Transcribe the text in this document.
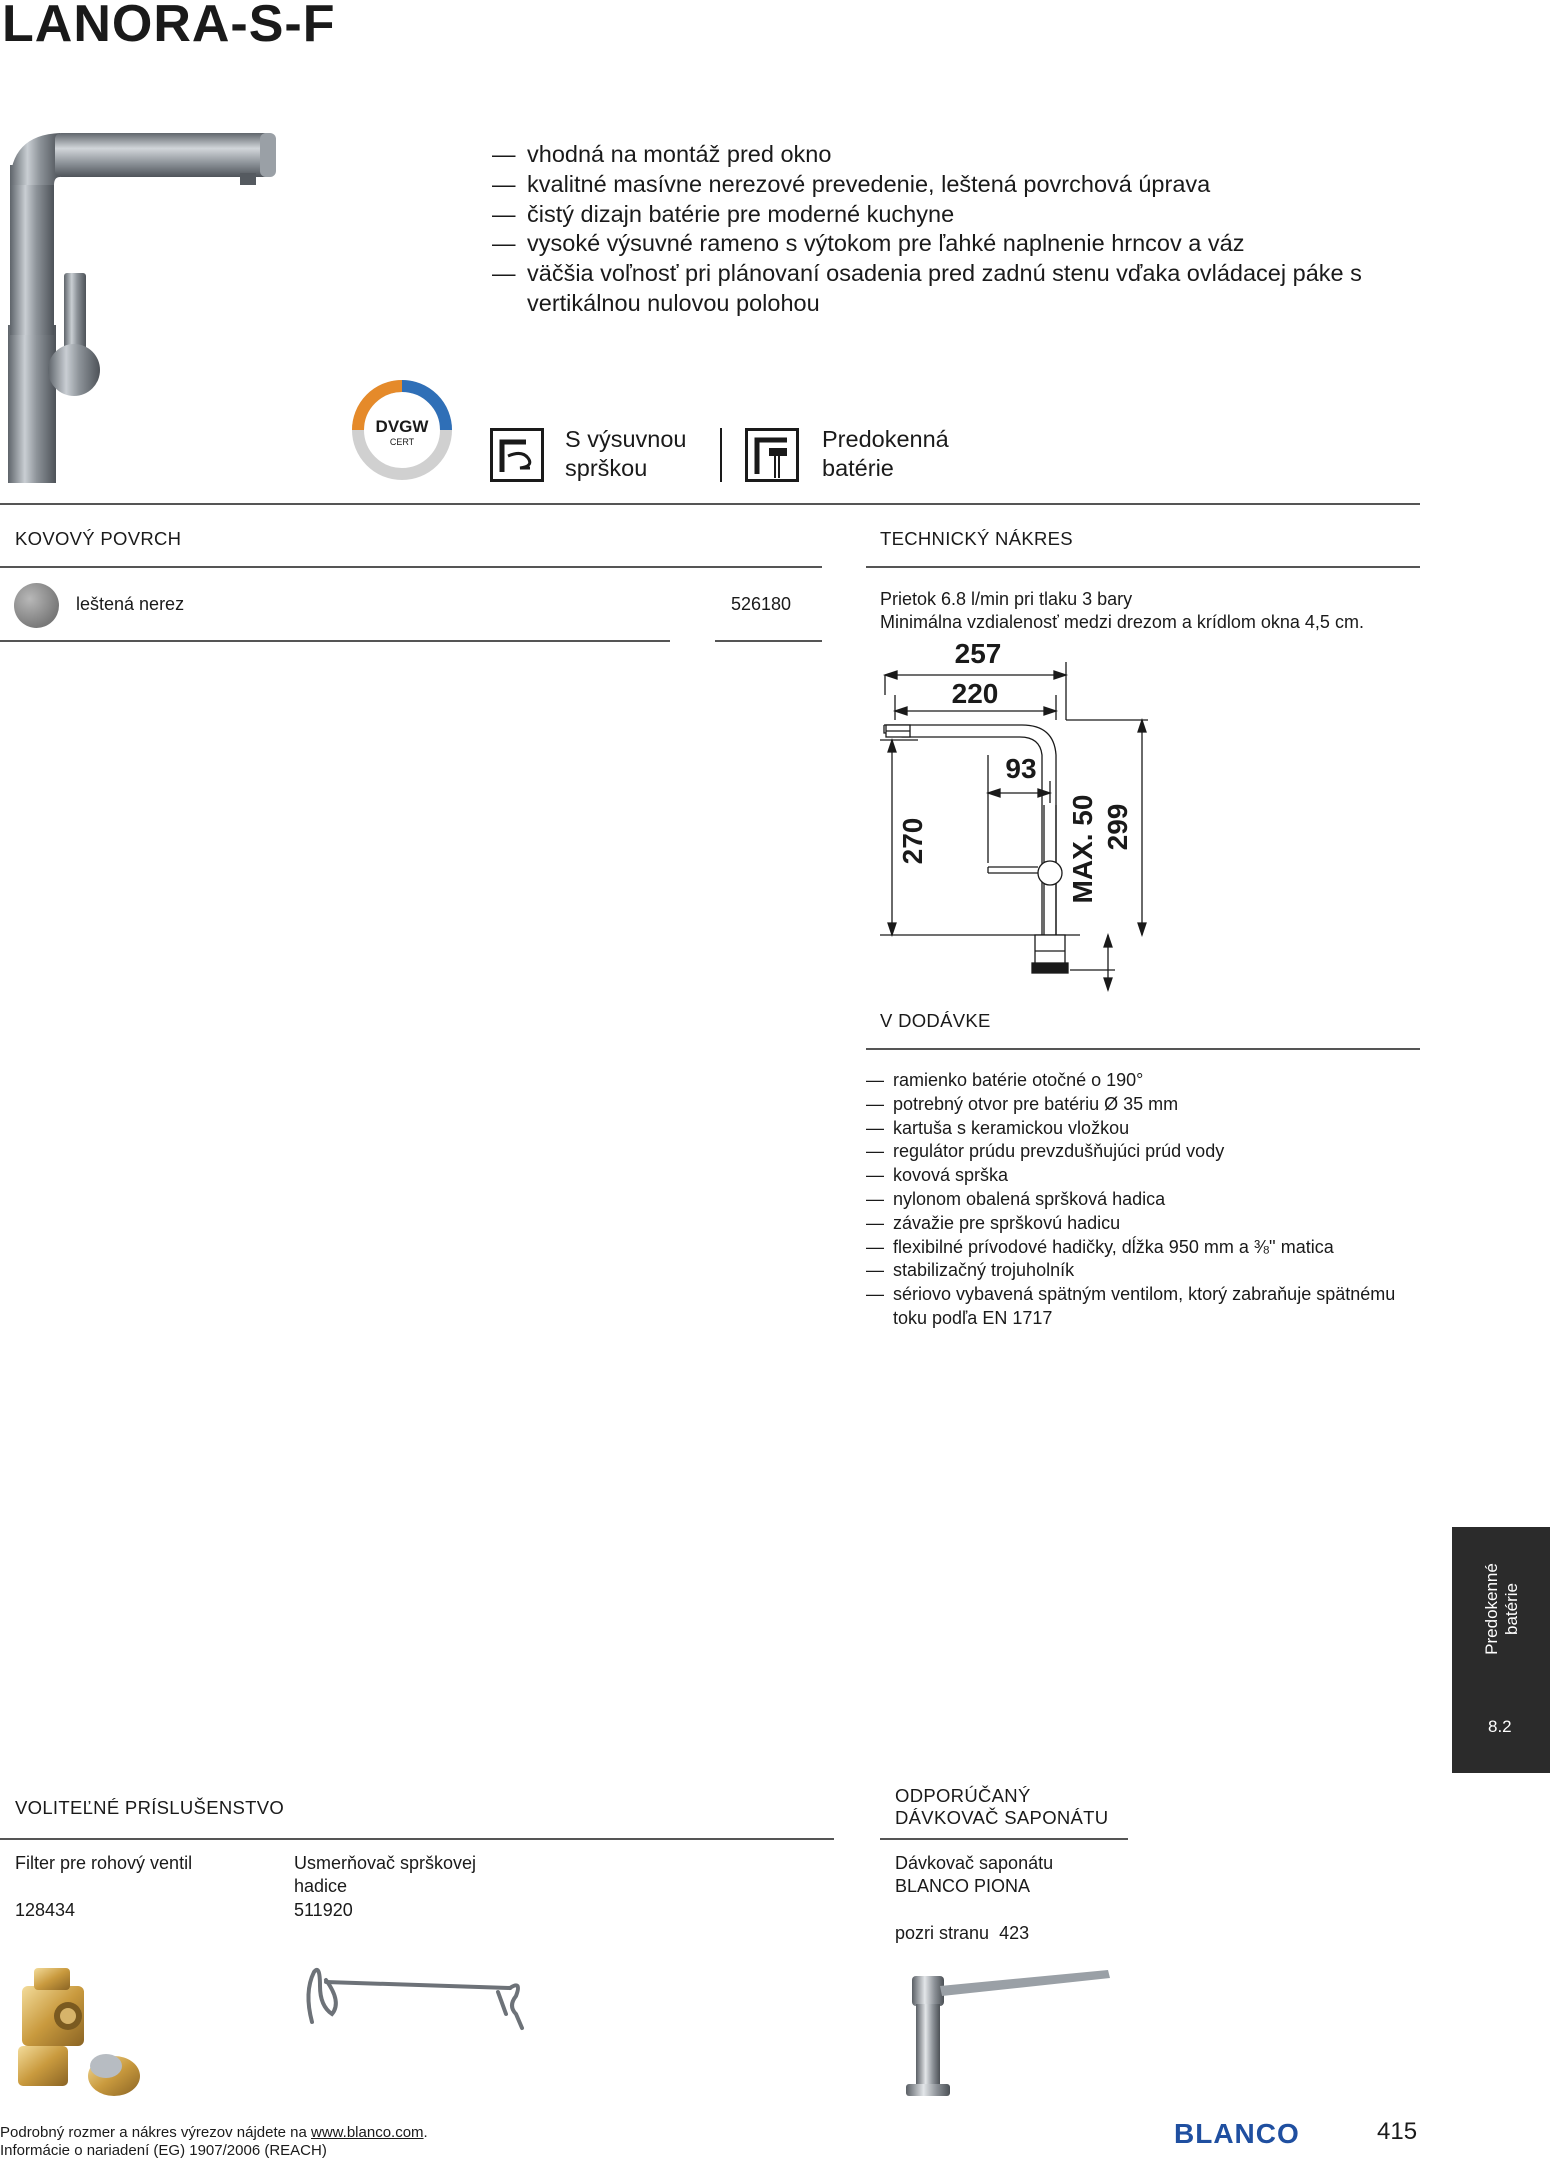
LANORA-S-F
— vhodná na montáž pred okno
— kvalitné masívne nerezové prevedenie, leštená povrchová úprava
— čistý dizajn batérie pre moderné kuchyne
— vysoké výsuvné rameno s výtokom pre ľahké naplnenie hrncov a váz
— väčšia voľnosť pri plánovaní osadenia pred zadnú stenu vďaka ovládacej páke s vertikálnou nulovou polohou
DVGW
CERT	S výsuvnou
sprškou
Predokenná
batérie
KOVOVÝ POVRCH
leštená nerez	526180
TECHNICKÝ NÁKRES
Prietok 6.8 l/min pri tlaku 3 bary
Minimálna vzdialenosť medzi drezom a krídlom okna 4,5 cm.
257
220
93
270	MAX. 50 299
V DODÁVKE
— ramienko batérie otočné o 190°
— potrebný otvor pre batériu Ø 35 mm
— kartuša s keramickou vložkou
— regulátor prúdu prevzdušňujúci prúd vody
— kovová sprška
— nylonom obalená spršková hadica
— závažie pre sprškovú hadicu
— flexibilné prívodové hadičky, dĺžka 950 mm a ⅜'' matica
— stabilizačný trojuholník
— sériovo vybavená spätným ventilom, ktorý zabraňuje spätnému toku podľa EN 1717
Predokenné batérie
8.2
VOLITEĽNÉ PRÍSLUŠENSTVO
Filter pre rohový ventil
128434
Usmerňovač sprškovej
hadice
511920
ODPORÚČANÝ
DÁVKOVAČ SAPONÁTU
Dávkovač saponátu
BLANCO PIONA
pozri stranu 423
Podrobný rozmer a nákres výrezov nájdete na www.blanco.com.
Informácie o nariadení (EG) 1907/2006 (REACH)
BLANCO	415
